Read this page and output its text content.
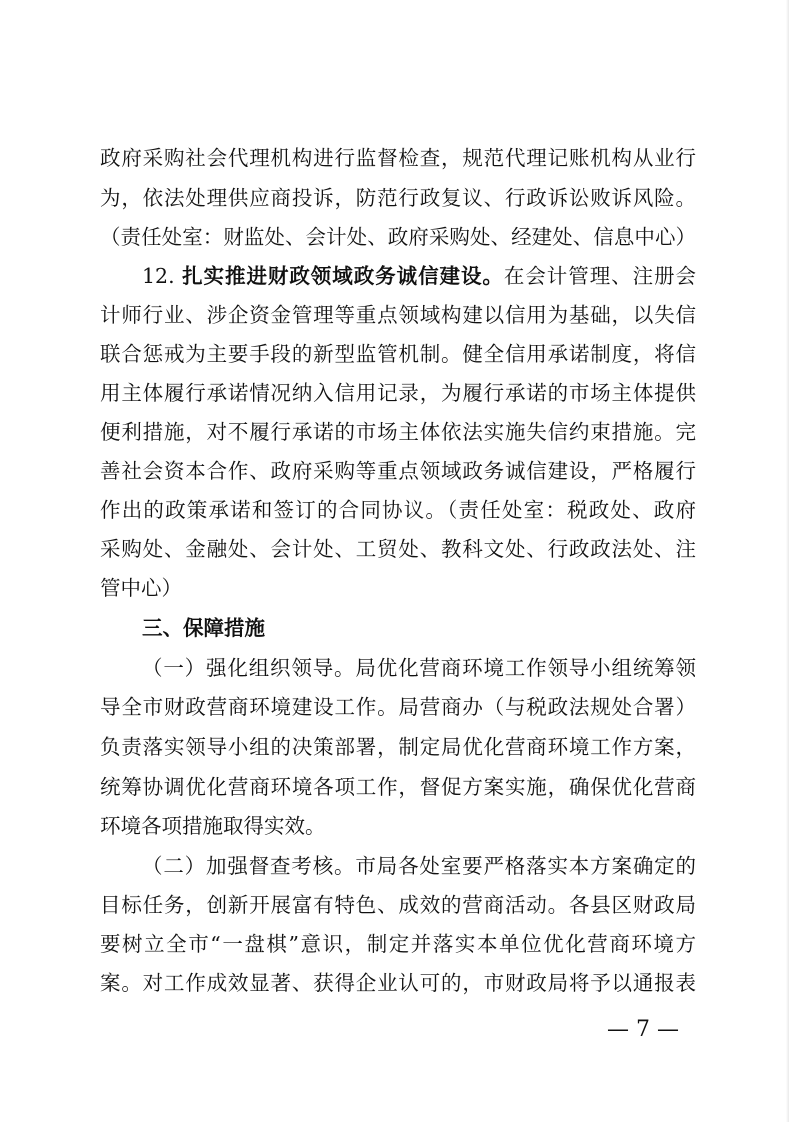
政府采购社会代理机构进行监督检查，规范代理记账机构从业行
为，依法处理供应商投诉，防范行政复议、行政诉讼败诉风险。
（责任处室：财监处、会计处、政府采购处、经建处、信息中心）
12. 扎实推进财政领域政务诚信建设。在会计管理、注册会
计师行业、涉企资金管理等重点领域构建以信用为基础，以失信
联合惩戒为主要手段的新型监管机制。健全信用承诺制度，将信
用主体履行承诺情况纳入信用记录，为履行承诺的市场主体提供
便利措施，对不履行承诺的市场主体依法实施失信约束措施。完
善社会资本合作、政府采购等重点领域政务诚信建设，严格履行
作出的政策承诺和签订的合同协议。（责任处室：税政处、政府
采购处、金融处、会计处、工贸处、教科文处、行政政法处、注
管中心）
三、保障措施
（一）强化组织领导。局优化营商环境工作领导小组统筹领
导全市财政营商环境建设工作。局营商办（与税政法规处合署）
负责落实领导小组的决策部署，制定局优化营商环境工作方案，
统筹协调优化营商环境各项工作，督促方案实施，确保优化营商
环境各项措施取得实效。
（二）加强督查考核。市局各处室要严格落实本方案确定的
目标任务，创新开展富有特色、成效的营商活动。各县区财政局
要树立全市“一盘棋”意识，制定并落实本单位优化营商环境方
案。对工作成效显著、获得企业认可的，市财政局将予以通报表
— 7 —
